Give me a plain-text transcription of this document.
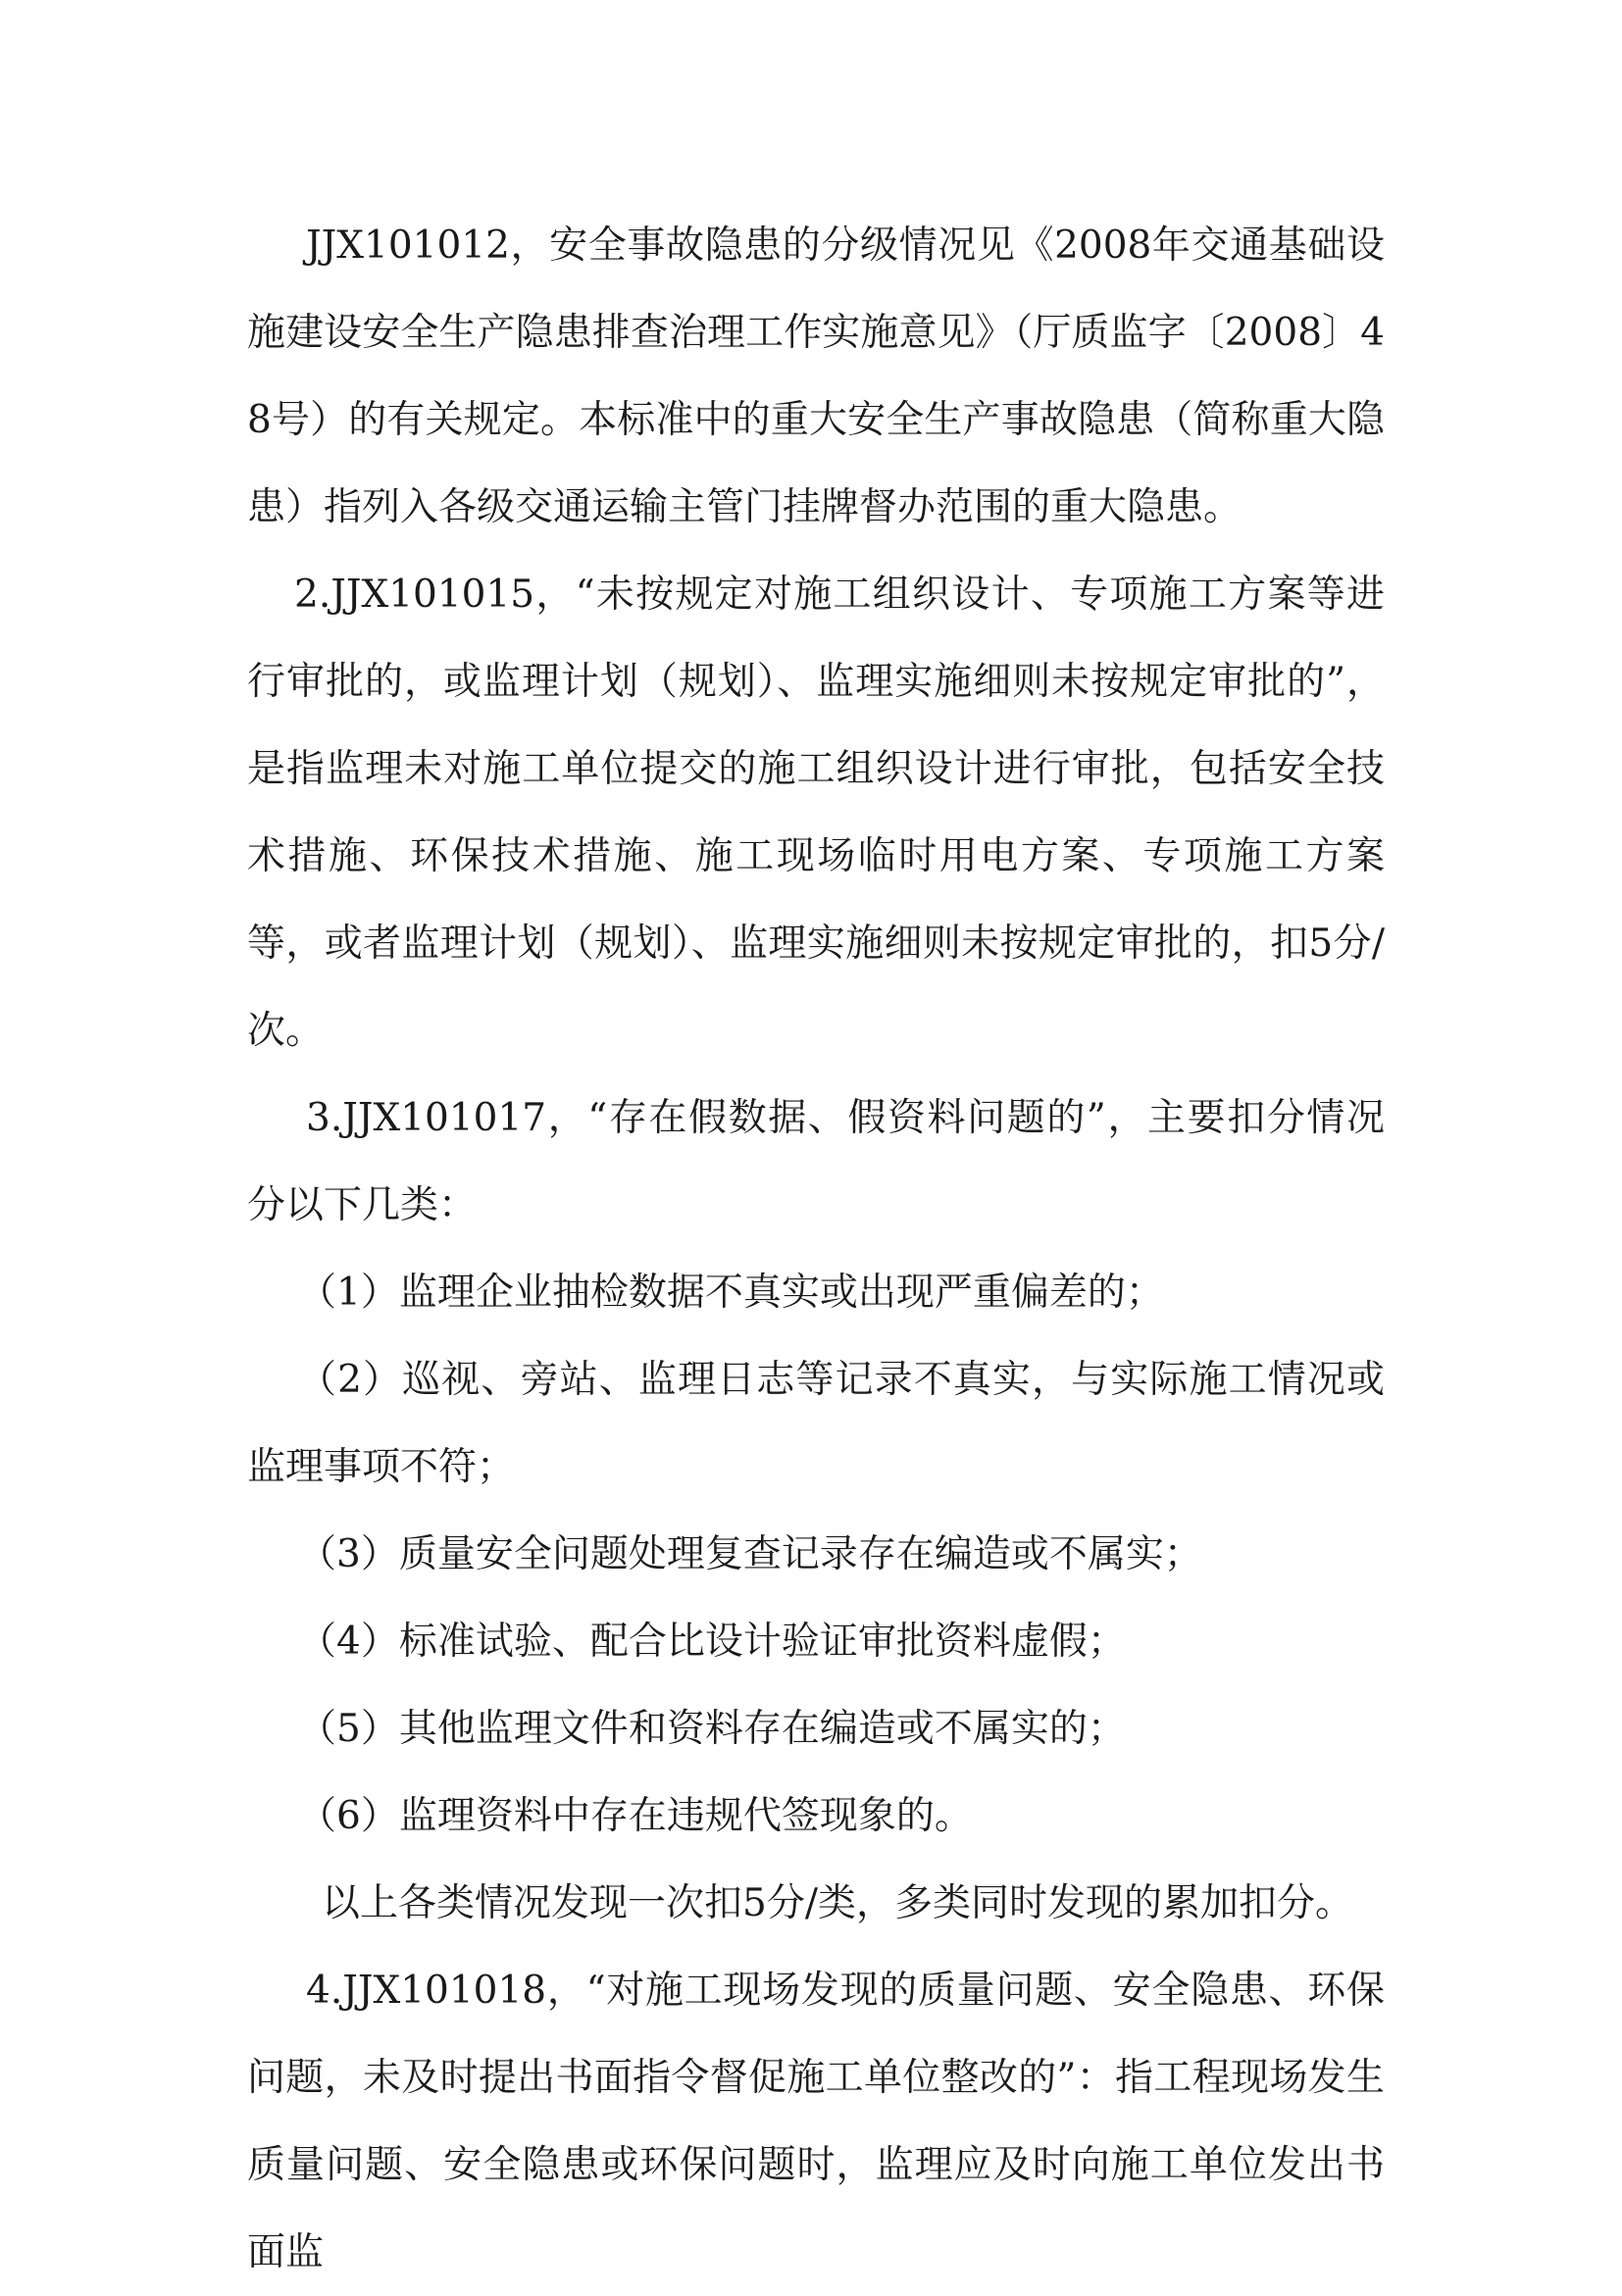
JJX101012，安全事故隐患的分级情况见《2008年交通基础设施建设安全生产隐患排查治理工作实施意见》（厅质监字〔2008〕48号）的有关规定。本标准中的重大安全生产事故隐患（简称重大隐患）指列入各级交通运输主管门挂牌督办范围的重大隐患。

2.JJX101015，“未按规定对施工组织设计、专项施工方案等进行审批的，或监理计划（规划）、监理实施细则未按规定审批的”，是指监理未对施工单位提交的施工组织设计进行审批，包括安全技术措施、环保技术措施、施工现场临时用电方案、专项施工方案等，或者监理计划（规划）、监理实施细则未按规定审批的，扣5分/次。

3.JJX101017，“存在假数据、假资料问题的”，主要扣分情况分以下几类：

（1）监理企业抽检数据不真实或出现严重偏差的；

（2）巡视、旁站、监理日志等记录不真实，与实际施工情况或监理事项不符；

（3）质量安全问题处理复查记录存在编造或不属实；

（4）标准试验、配合比设计验证审批资料虚假；

（5）其他监理文件和资料存在编造或不属实的；

（6）监理资料中存在违规代签现象的。

以上各类情况发现一次扣5分/类，多类同时发现的累加扣分。

4.JJX101018，“对施工现场发现的质量问题、安全隐患、环保问题，未及时提出书面指令督促施工单位整改的”：指工程现场发生质量问题、安全隐患或环保问题时，监理应及时向施工单位发出书面监
